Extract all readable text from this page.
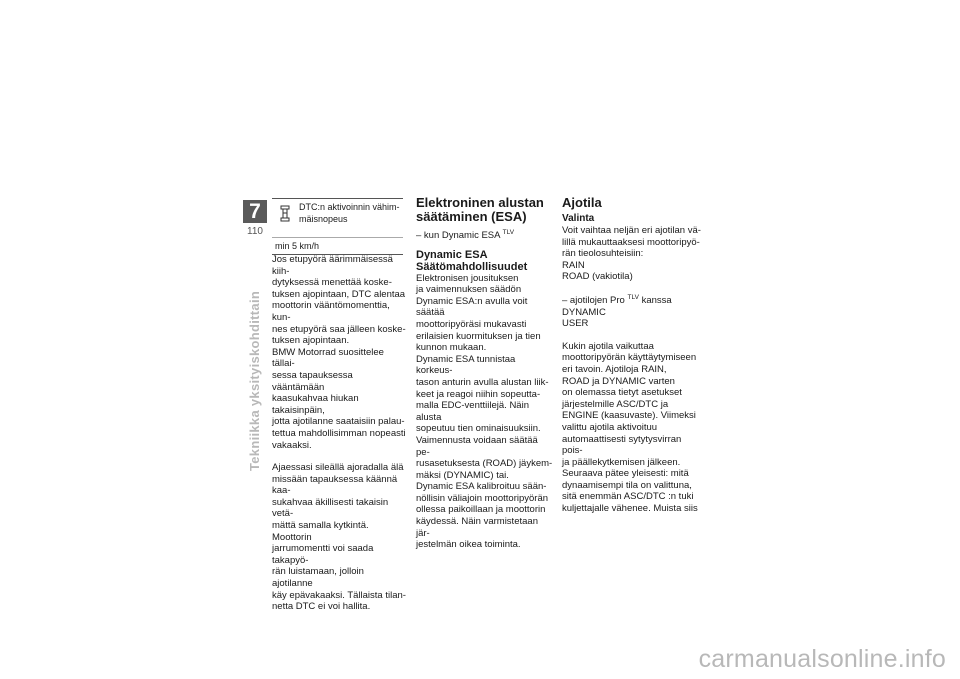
7
110
Tekniikka yksityiskohdittain
DTC:n aktivoinnin vähim-
mäisnopeus
min 5 km/h

Jos etupyörä äärimmäisessä kiih-
dytyksessä menettää koske-
tuksen ajopintaan, DTC alentaa
moottorin vääntömomenttia, kun-
nes etupyörä saa jälleen koske-
tuksen ajopintaan.
BMW Motorrad suosittelee tällai-
sessa tapauksessa vääntämään
kaasukahvaa hiukan takaisinpäin,
jotta ajotilanne saataisiin palau-
tettua mahdollisimman nopeasti
vakaaksi.

Ajaessasi sileällä ajoradalla älä
missään tapauksessa käännä kaa-
sukahvaa äkillisesti takaisin vetä-
mättä samalla kytkintä. Moottorin
jarrumomentti voi saada takapyö-
rän luistamaan, jolloin ajotilanne
käy epävakaaksi. Tällaista tilan-
netta DTC ei voi hallita.

Elektroninen alustan
säätäminen (ESA)

– kun Dynamic ESA $^{TLV}$

Dynamic ESA
Säätömahdollisuudet

Elektronisen jousituksen
ja vaimennuksen säädön
Dynamic ESA:n avulla voit säätää
moottoripyöräsi mukavasti
erilaisien kuormituksen ja tien
kunnon mukaan.
Dynamic ESA tunnistaa korkeus-
tason anturin avulla alustan liik-
keet ja reagoi niihin sopeutta-
malla EDC-venttiilejä. Näin alusta
sopeutuu tien ominaisuuksiin.
Vaimennusta voidaan säätää pe-
rusasetuksesta (ROAD) jäykem-
mäksi (DYNAMIC) tai.
Dynamic ESA kalibroituu sään-
nöllisin väliajoin moottoripyörän
ollessa paikoillaan ja moottorin
käydessä. Näin varmistetaan jär-
jestelmän oikea toiminta.

Ajotila
Valinta

Voit vaihtaa neljän eri ajotilan vä-
lillä mukauttaaksesi moottoripyö-
rän tieolosuhteisiin:
RAIN
ROAD (vakiotila)

– ajotilojen Pro $^{TLV}$ kanssa

DYNAMIC
USER

Kukin ajotila vaikuttaa
moottoripyörän käyttäytymiseen
eri tavoin. Ajotiloja RAIN,
ROAD ja DYNAMIC varten
on olemassa tietyt asetukset
järjestelmille ASC/DTC ja
ENGINE (kaasuvaste). Viimeksi
valittu ajotila aktivoituu
automaattisesti sytytysvirran pois-
ja päällekytkemisen jälkeen.
Seuraava pätee yleisesti: mitä
dynaamisempi tila on valittuna,
sitä enemmän ASC/DTC :n tuki
kuljettajalle vähenee. Muista siis

carmanualsonline.info
